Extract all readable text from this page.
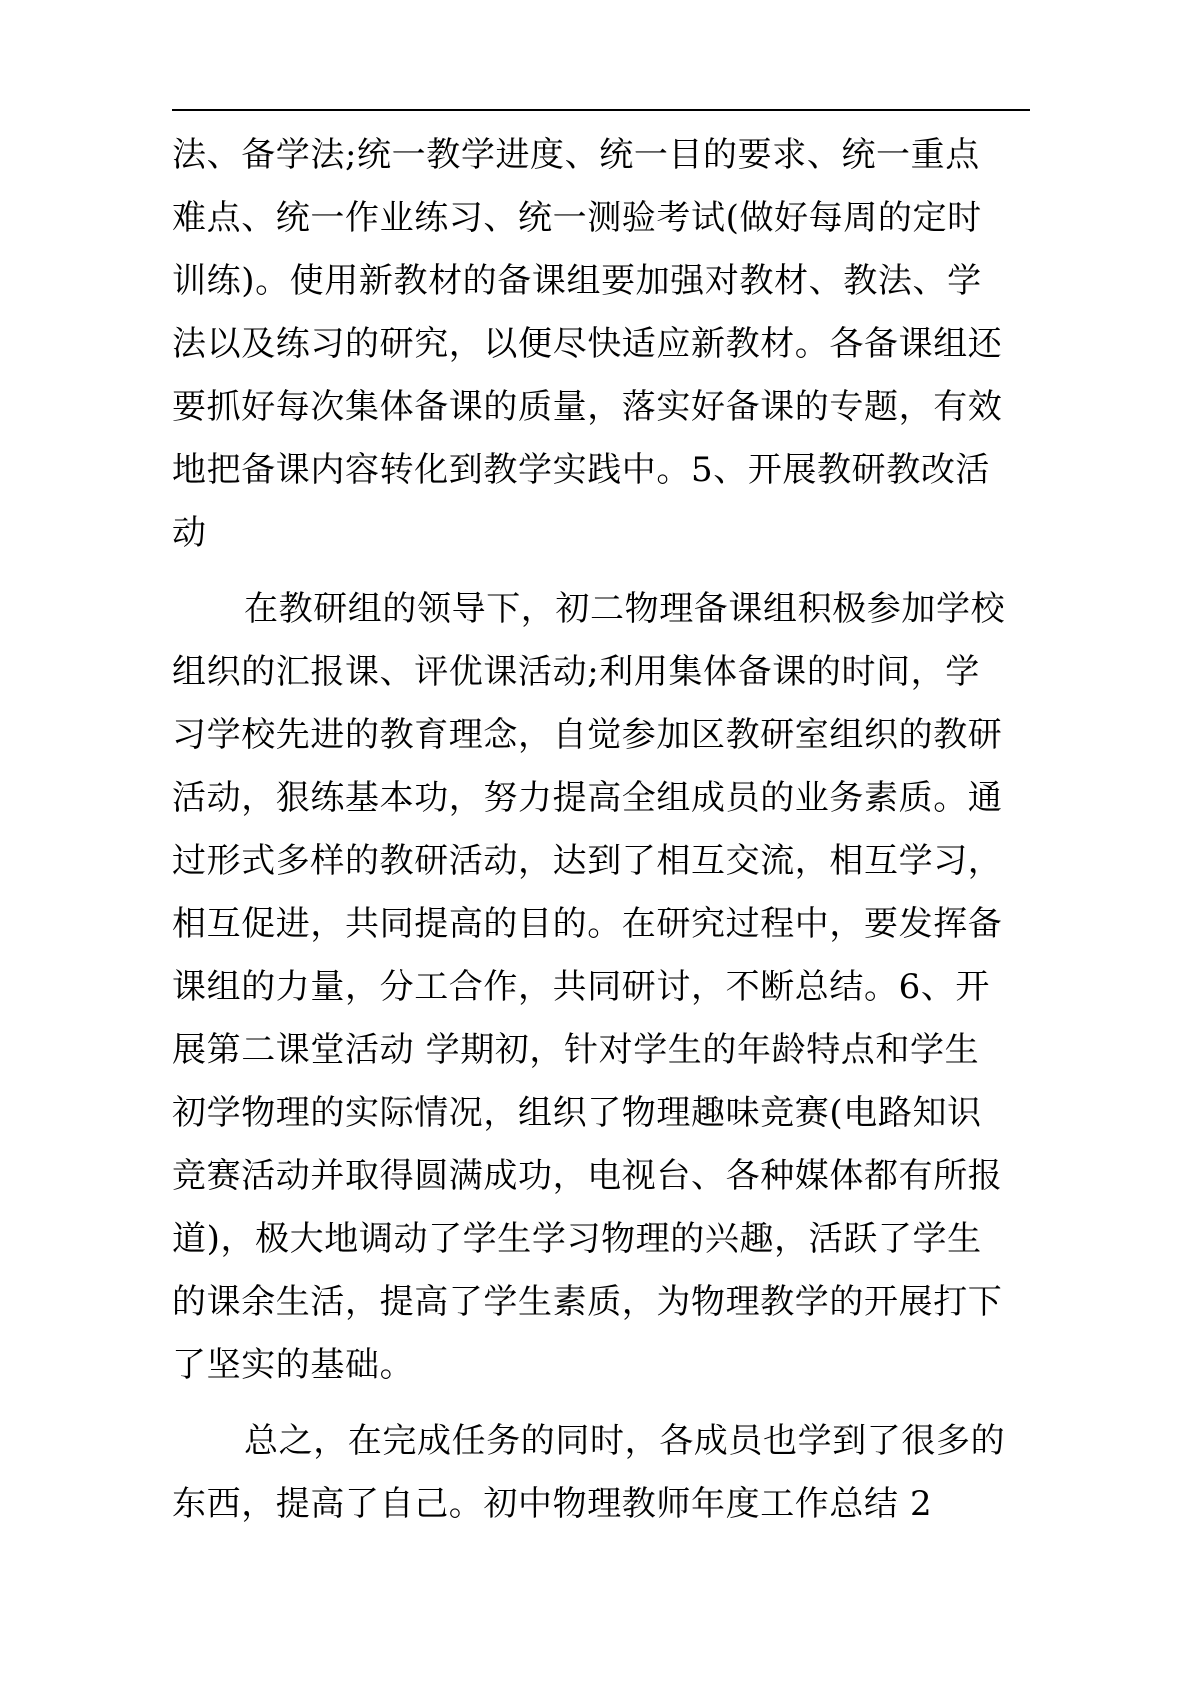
法、备学法;统一教学进度、统一目的要求、统一重点
难点、统一作业练习、统一测验考试(做好每周的定时
训练)。使用新教材的备课组要加强对教材、教法、学
法以及练习的研究，以便尽快适应新教材。各备课组还
要抓好每次集体备课的质量，落实好备课的专题，有效
地把备课内容转化到教学实践中。5、开展教研教改活
动
在教研组的领导下，初二物理备课组积极参加学校
组织的汇报课、评优课活动;利用集体备课的时间，学
习学校先进的教育理念，自觉参加区教研室组织的教研
活动，狠练基本功，努力提高全组成员的业务素质。通
过形式多样的教研活动，达到了相互交流，相互学习，
相互促进，共同提高的目的。在研究过程中，要发挥备
课组的力量，分工合作，共同研讨，不断总结。6、开
展第二课堂活动 学期初，针对学生的年龄特点和学生
初学物理的实际情况，组织了物理趣味竞赛(电路知识
竞赛活动并取得圆满成功，电视台、各种媒体都有所报
道)，极大地调动了学生学习物理的兴趣，活跃了学生
的课余生活，提高了学生素质，为物理教学的开展打下
了坚实的基础。
总之，在完成任务的同时，各成员也学到了很多的
东西，提高了自己。初中物理教师年度工作总结 2
